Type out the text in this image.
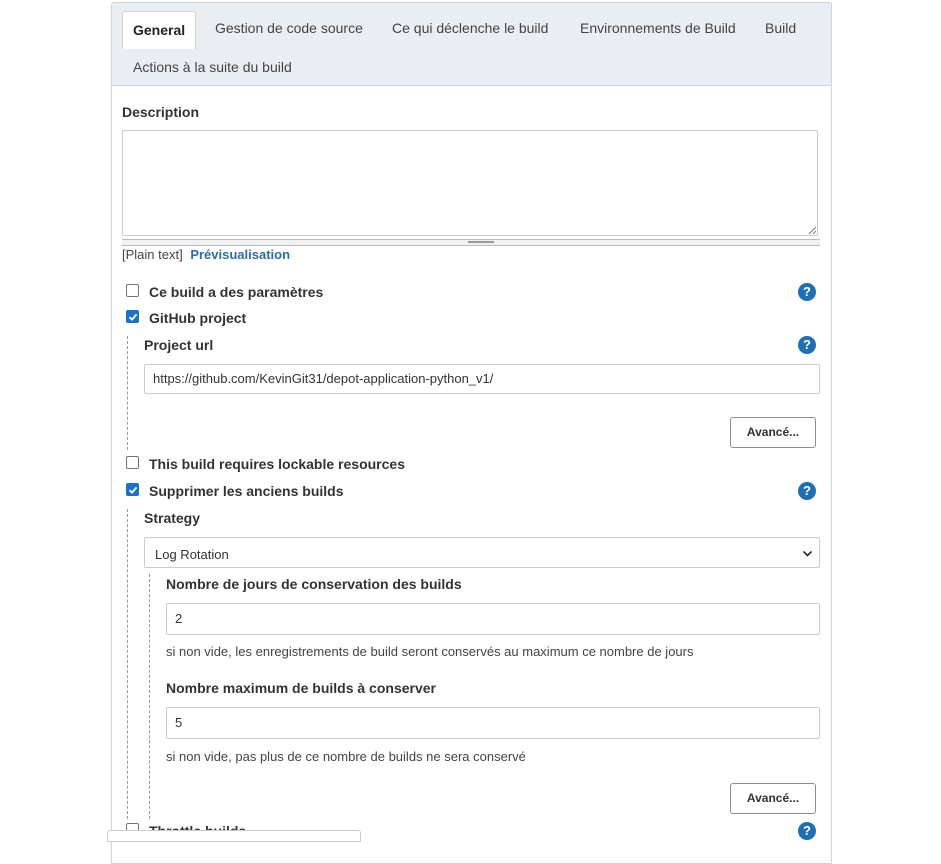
General	Gestion de code source Ce qui déclenche le build Environnements de Build Build
Actions à la suite du build
Description
[Plain text] Prévisualisation
Ce build a des paramètres	?
GitHub project
Project url	?
https://github.com/KevinGit31/depot-application-python_v1/
Avancé...
This build requires lockable resources
Supprimer les anciens builds	?
Strategy
Log Rotation
Nombre de jours de conservation des builds
2
si non vide, les enregistrements de build seront conservés au maximum ce nombre de jours
Nombre maximum de builds à conserver
5
si non vide, pas plus de ce nombre de builds ne sera conservé
Avancé...
?
